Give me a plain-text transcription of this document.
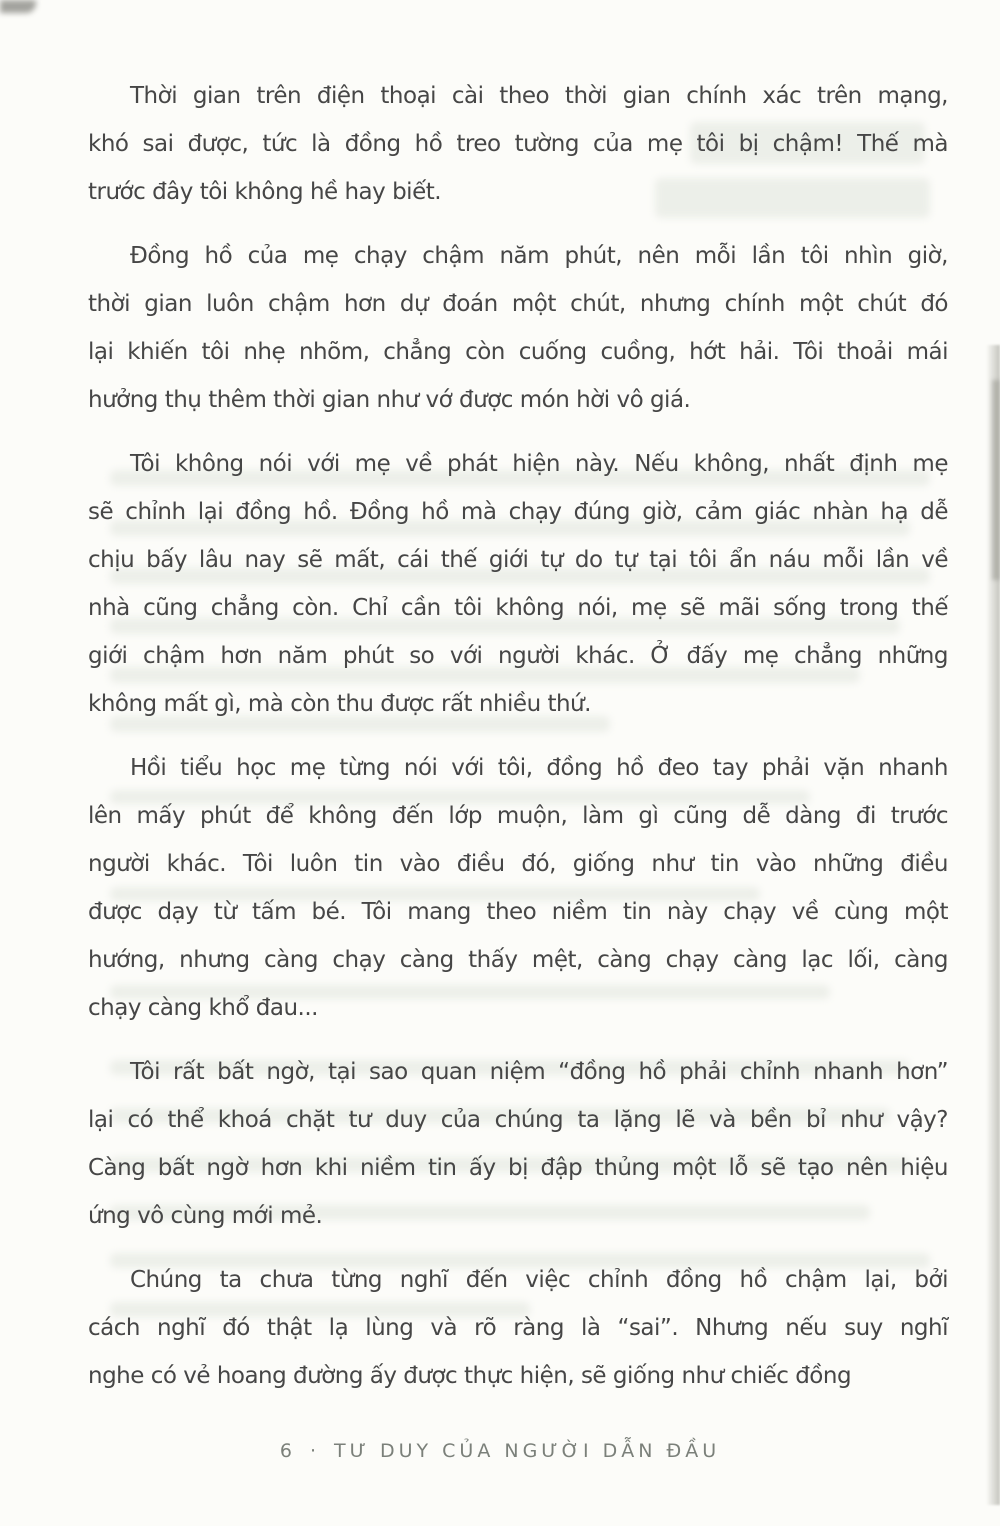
Thời gian trên điện thoại cài theo thời gian chính xác trên mạng,
khó sai được, tức là đồng hồ treo tường của mẹ tôi bị chậm! Thế mà
trước đây tôi không hề hay biết.
Đồng hồ của mẹ chạy chậm năm phút, nên mỗi lần tôi nhìn giờ,
thời gian luôn chậm hơn dự đoán một chút, nhưng chính một chút đó
lại khiến tôi nhẹ nhõm, chẳng còn cuống cuồng, hớt hải. Tôi thoải mái
hưởng thụ thêm thời gian như vớ được món hời vô giá.
Tôi không nói với mẹ về phát hiện này. Nếu không, nhất định mẹ
sẽ chỉnh lại đồng hồ. Đồng hồ mà chạy đúng giờ, cảm giác nhàn hạ dễ
chịu bấy lâu nay sẽ mất, cái thế giới tự do tự tại tôi ẩn náu mỗi lần về
nhà cũng chẳng còn. Chỉ cần tôi không nói, mẹ sẽ mãi sống trong thế
giới chậm hơn năm phút so với người khác. Ở đấy mẹ chẳng những
không mất gì, mà còn thu được rất nhiều thứ.
Hồi tiểu học mẹ từng nói với tôi, đồng hồ đeo tay phải vặn nhanh
lên mấy phút để không đến lớp muộn, làm gì cũng dễ dàng đi trước
người khác. Tôi luôn tin vào điều đó, giống như tin vào những điều
được dạy từ tấm bé. Tôi mang theo niềm tin này chạy về cùng một
hướng, nhưng càng chạy càng thấy mệt, càng chạy càng lạc lối, càng
chạy càng khổ đau...
Tôi rất bất ngờ, tại sao quan niệm “đồng hồ phải chỉnh nhanh hơn”
lại có thể khoá chặt tư duy của chúng ta lặng lẽ và bền bỉ như vậy?
Càng bất ngờ hơn khi niềm tin ấy bị đập thủng một lỗ sẽ tạo nên hiệu
ứng vô cùng mới mẻ.
Chúng ta chưa từng nghĩ đến việc chỉnh đồng hồ chậm lại, bởi
cách nghĩ đó thật lạ lùng và rõ ràng là “sai”. Nhưng nếu suy nghĩ
nghe có vẻ hoang đường ấy được thực hiện, sẽ giống như chiếc đồng
6 · TƯ DUY CỦA NGƯỜI DẪN ĐẦU
